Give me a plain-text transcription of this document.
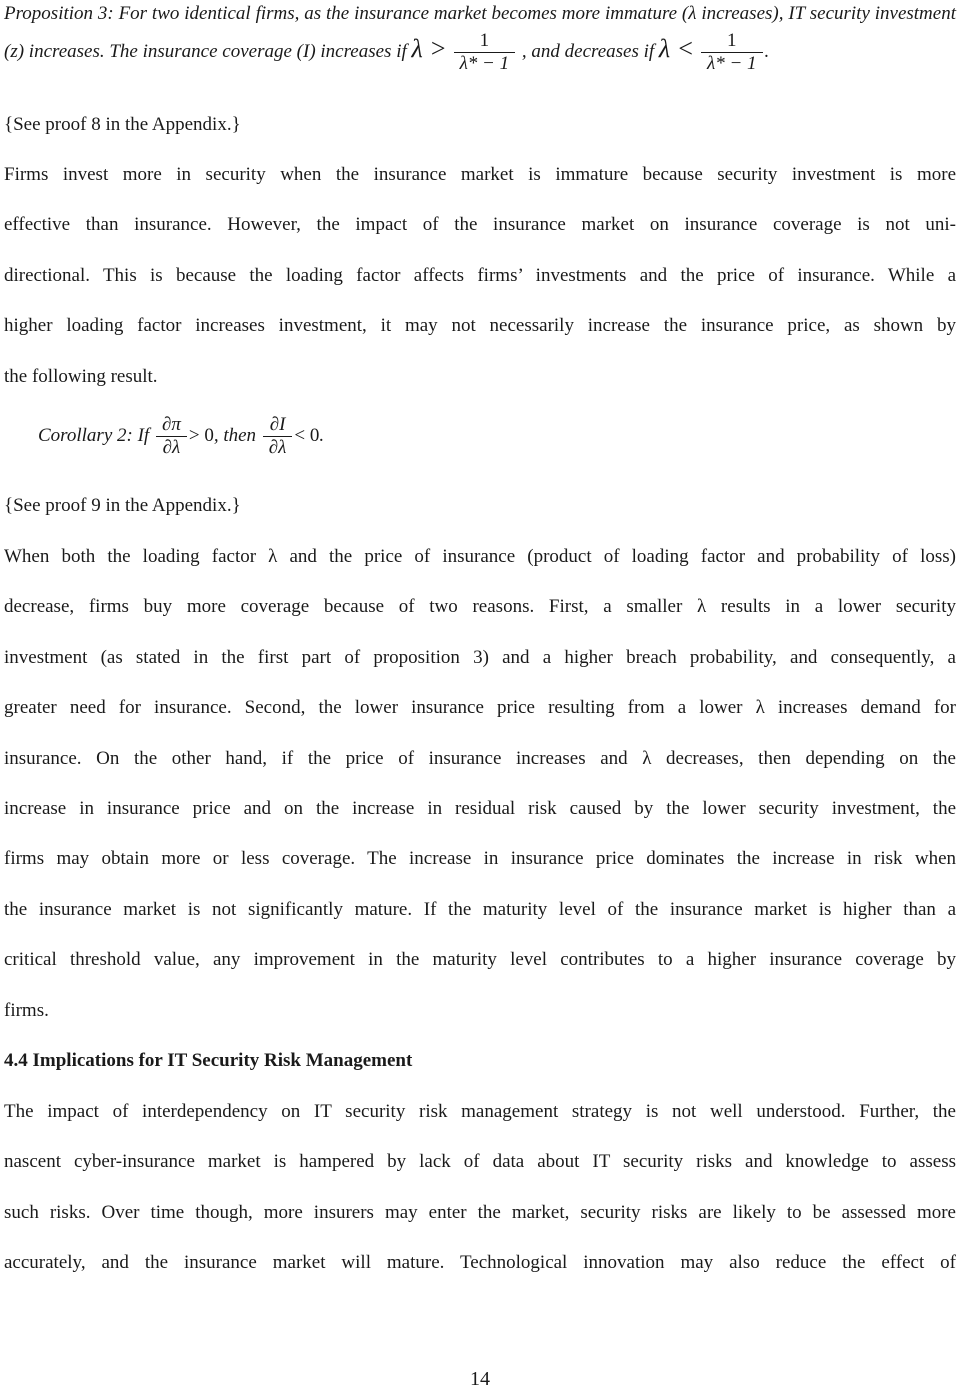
Proposition 3: For two identical firms, as the insurance market becomes more immature (λ increases), IT security investment
(z) increases. The insurance coverage (I) increases if $\lambda > \frac{1}{\lambda* - 1}$ , and decreases if $\lambda < \frac{1}{\lambda* - 1}$ .
{See proof 8 in the Appendix.}
Firms invest more in security when the insurance market is immature because security investment is more
effective than insurance. However, the impact of the insurance market on insurance coverage is not uni-
directional. This is because the loading factor affects firms’ investments and the price of insurance. While a
higher loading factor increases investment, it may not necessarily increase the insurance price, as shown by
the following result.
Corollary 2: If $\frac{\partial\pi}{\partial\lambda} > 0$, then $\frac{\partial I}{\partial\lambda} < 0$.
{See proof 9 in the Appendix.}
When both the loading factor λ and the price of insurance (product of loading factor and probability of loss)
decrease, firms buy more coverage because of two reasons. First, a smaller λ results in a lower security
investment (as stated in the first part of proposition 3) and a higher breach probability, and consequently, a
greater need for insurance. Second, the lower insurance price resulting from a lower λ increases demand for
insurance. On the other hand, if the price of insurance increases and λ decreases, then depending on the
increase in insurance price and on the increase in residual risk caused by the lower security investment, the
firms may obtain more or less coverage. The increase in insurance price dominates the increase in risk when
the insurance market is not significantly mature. If the maturity level of the insurance market is higher than a
critical threshold value, any improvement in the maturity level contributes to a higher insurance coverage by
firms.
4.4 Implications for IT Security Risk Management
The impact of interdependency on IT security risk management strategy is not well understood. Further, the
nascent cyber-insurance market is hampered by lack of data about IT security risks and knowledge to assess
such risks. Over time though, more insurers may enter the market, security risks are likely to be assessed more
accurately, and the insurance market will mature. Technological innovation may also reduce the effect of
14
